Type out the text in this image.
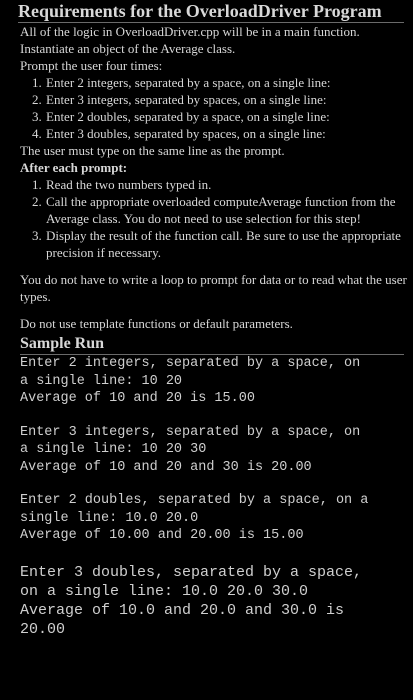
Requirements for the OverloadDriver Program
All of the logic in OverloadDriver.cpp will be in a main function.
Instantiate an object of the Average class.
Prompt the user four times:
1. Enter 2 integers, separated by a space, on a single line:
2. Enter 3 integers, separated by spaces, on a single line:
3. Enter 2 doubles, separated by a space, on a single line:
4. Enter 3 doubles, separated by spaces, on a single line:
The user must type on the same line as the prompt.
After each prompt:
1. Read the two numbers typed in.
2. Call the appropriate overloaded computeAverage function from the Average class. You do not need to use selection for this step!
3. Display the result of the function call. Be sure to use the appropriate precision if necessary.
You do not have to write a loop to prompt for data or to read what the user types.
Do not use template functions or default parameters.
Sample Run
Enter 2 integers, separated by a space, on
a single line: 10 20
Average of 10 and 20 is 15.00
Enter 3 integers, separated by a space, on
a single line: 10 20 30
Average of 10 and 20 and 30 is 20.00
Enter 2 doubles, separated by a space, on a
single line: 10.0 20.0
Average of 10.00 and 20.00 is 15.00
Enter 3 doubles, separated by a space,
on a single line: 10.0 20.0 30.0
Average of 10.0 and 20.0 and 30.0 is
20.00
